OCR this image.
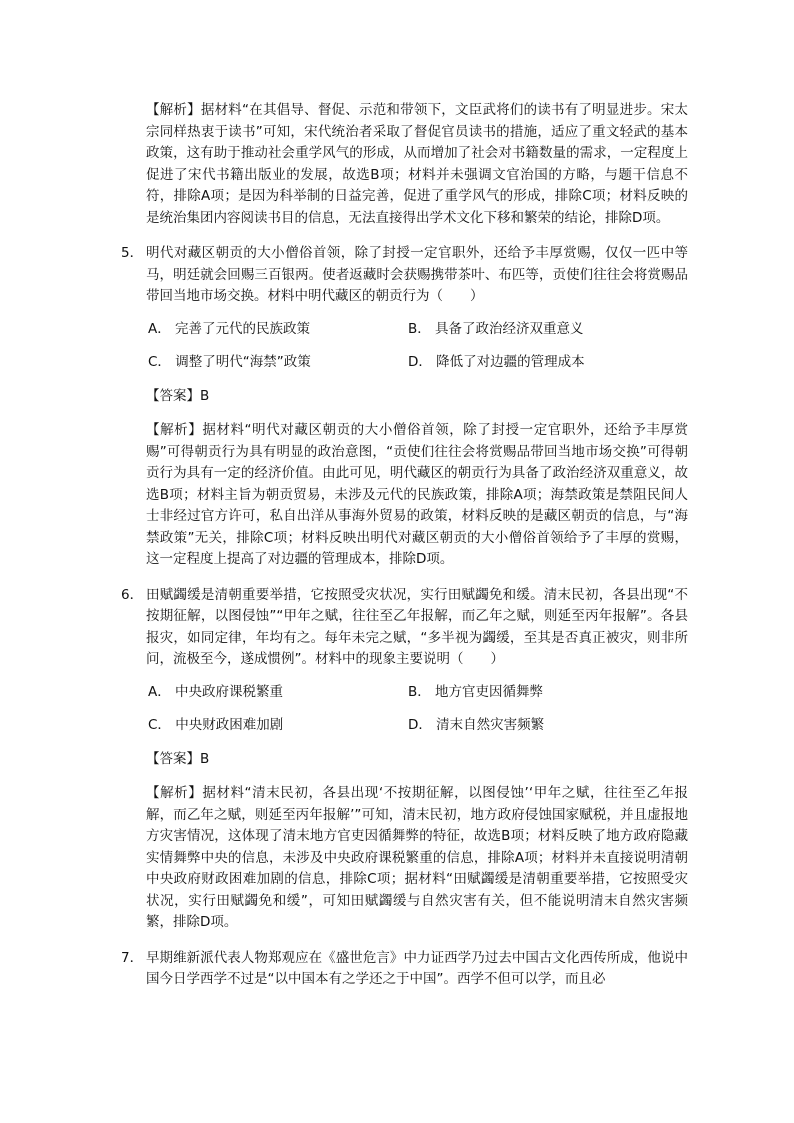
【解析】据材料“在其倡导、督促、示范和带领下，文臣武将们的读书有了明显进步。宋太宗同样热衷于读书”可知，宋代统治者采取了督促官员读书的措施，适应了重文轻武的基本政策，这有助于推动社会重学风气的形成，从而增加了社会对书籍数量的需求，一定程度上促进了宋代书籍出版业的发展，故选B项；材料并未强调文官治国的方略，与题干信息不符，排除A项；是因为科举制的日益完善，促进了重学风气的形成，排除C项；材料反映的是统治集团内容阅读书目的信息，无法直接得出学术文化下移和繁荣的结论，排除D项。

5． 明代对藏区朝贡的大小僧俗首领，除了封授一定官职外，还给予丰厚赏赐，仅仅一匹中等马，明廷就会回赐三百银两。使者返藏时会获赐携带茶叶、布匹等，贡使们往往会将赏赐品带回当地市场交换。材料中明代藏区的朝贡行为（　　）

A． 完善了元代的民族政策	B． 具备了政治经济双重意义
C． 调整了明代“海禁”政策	D． 降低了对边疆的管理成本
【答案】B

【解析】据材料“明代对藏区朝贡的大小僧俗首领，除了封授一定官职外，还给予丰厚赏赐”可得朝贡行为具有明显的政治意图，“贡使们往往会将赏赐品带回当地市场交换”可得朝贡行为具有一定的经济价值。由此可见，明代藏区的朝贡行为具备了政治经济双重意义，故选B项；材料主旨为朝贡贸易，未涉及元代的民族政策，排除A项；海禁政策是禁阻民间人士非经过官方许可，私自出洋从事海外贸易的政策，材料反映的是藏区朝贡的信息，与“海禁政策”无关，排除C项；材料反映出明代对藏区朝贡的大小僧俗首领给予了丰厚的赏赐，这一定程度上提高了对边疆的管理成本，排除D项。

6． 田赋蠲缓是清朝重要举措，它按照受灾状况，实行田赋蠲免和缓。清末民初，各县出现“不按期征解，以图侵蚀”“甲年之赋，往往至乙年报解，而乙年之赋，则延至丙年报解”。各县报灾，如同定律，年均有之。每年未完之赋，“多半视为蠲缓，至其是否真正被灾，则非所问，流极至今，遂成惯例”。材料中的现象主要说明（　　）

A． 中央政府课税繁重	B． 地方官吏因循舞弊
C． 中央财政困难加剧	D． 清末自然灾害频繁
【答案】B

【解析】据材料“清末民初，各县出现‘不按期征解，以图侵蚀’‘甲年之赋，往往至乙年报解，而乙年之赋，则延至丙年报解’”可知，清末民初，地方政府侵蚀国家赋税，并且虚报地方灾害情况，这体现了清末地方官吏因循舞弊的特征，故选B项；材料反映了地方政府隐藏实情舞弊中央的信息，未涉及中央政府课税繁重的信息，排除A项；材料并未直接说明清朝中央政府财政困难加剧的信息，排除C项；据材料“田赋蠲缓是清朝重要举措，它按照受灾状况，实行田赋蠲免和缓”，可知田赋蠲缓与自然灾害有关，但不能说明清末自然灾害频繁，排除D项。

7． 早期维新派代表人物郑观应在《盛世危言》中力证西学乃过去中国古文化西传所成，他说中国今日学西学不过是“以中国本有之学还之于中国”。西学不但可以学，而且必
